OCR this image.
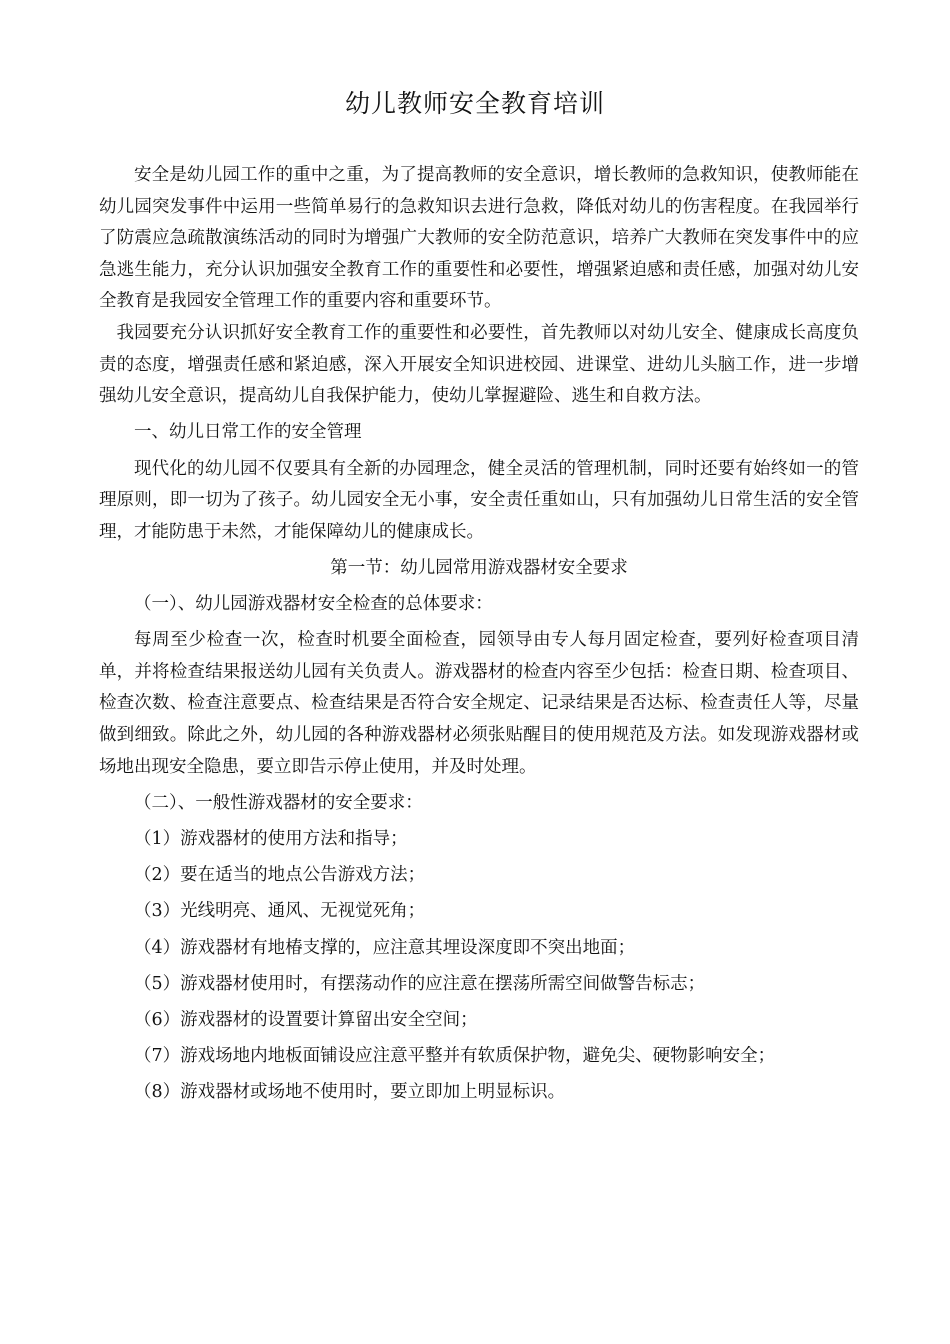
幼儿教师安全教育培训

安全是幼儿园工作的重中之重，为了提高教师的安全意识，增长教师的急救知识，使教师能在幼儿园突发事件中运用一些简单易行的急救知识去进行急救，降低对幼儿的伤害程度。在我园举行了防震应急疏散演练活动的同时为增强广大教师的安全防范意识，培养广大教师在突发事件中的应急逃生能力，充分认识加强安全教育工作的重要性和必要性，增强紧迫感和责任感，加强对幼儿安全教育是我园安全管理工作的重要内容和重要环节。

我园要充分认识抓好安全教育工作的重要性和必要性，首先教师以对幼儿安全、健康成长高度负责的态度，增强责任感和紧迫感，深入开展安全知识进校园、进课堂、进幼儿头脑工作，进一步增强幼儿安全意识，提高幼儿自我保护能力，使幼儿掌握避险、逃生和自救方法。

一、幼儿日常工作的安全管理

现代化的幼儿园不仅要具有全新的办园理念，健全灵活的管理机制，同时还要有始终如一的管理原则，即一切为了孩子。幼儿园安全无小事，安全责任重如山，只有加强幼儿日常生活的安全管理，才能防患于未然，才能保障幼儿的健康成长。

第一节：幼儿园常用游戏器材安全要求

（一）、幼儿园游戏器材安全检查的总体要求：

每周至少检查一次，检查时机要全面检查，园领导由专人每月固定检查，要列好检查项目清单，并将检查结果报送幼儿园有关负责人。游戏器材的检查内容至少包括：检查日期、检查项目、检查次数、检查注意要点、检查结果是否符合安全规定、记录结果是否达标、检查责任人等，尽量做到细致。除此之外，幼儿园的各种游戏器材必须张贴醒目的使用规范及方法。如发现游戏器材或场地出现安全隐患，要立即告示停止使用，并及时处理。

（二）、一般性游戏器材的安全要求：

（1）游戏器材的使用方法和指导；

（2）要在适当的地点公告游戏方法；

（3）光线明亮、通风、无视觉死角；

（4）游戏器材有地椿支撑的，应注意其埋设深度即不突出地面；

（5）游戏器材使用时，有摆荡动作的应注意在摆荡所需空间做警告标志；

（6）游戏器材的设置要计算留出安全空间；

（7）游戏场地内地板面铺设应注意平整并有软质保护物，避免尖、硬物影响安全；

（8）游戏器材或场地不使用时，要立即加上明显标识。
